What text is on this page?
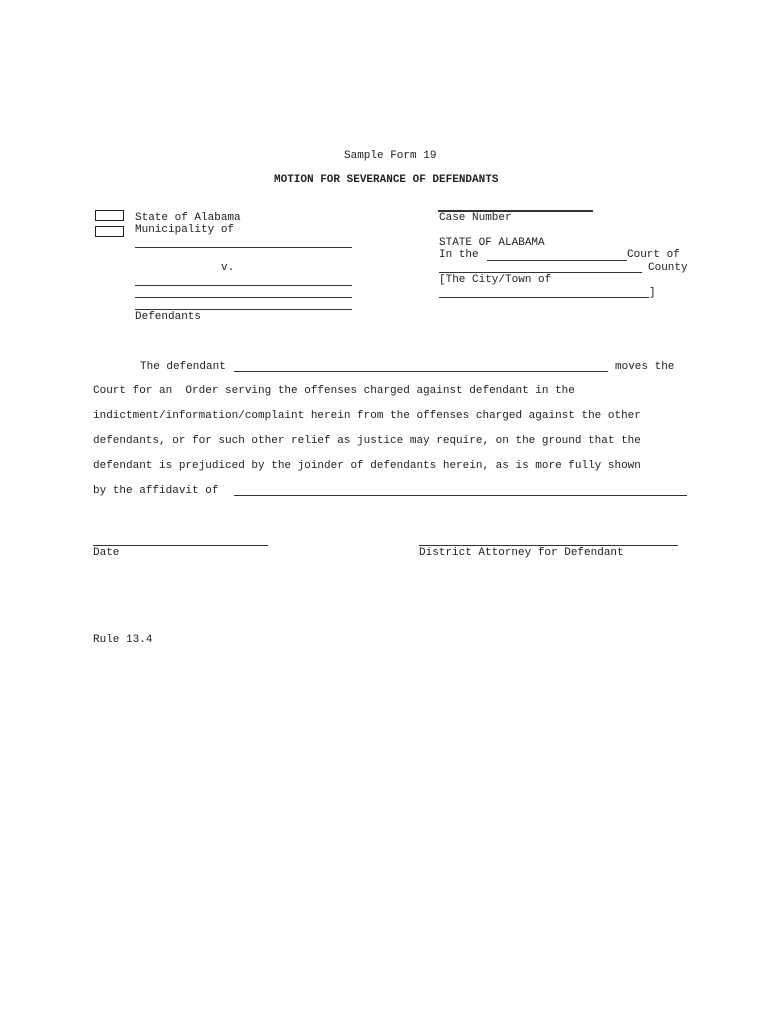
Sample Form 19
MOTION FOR SEVERANCE OF DEFENDANTS
State of Alabama
Municipality of
v.
Defendants
Case Number
STATE OF ALABAMA
In the	Court of
County
[The City/Town of
]
The defendant	moves the
Court for an  Order serving the offenses charged against defendant in the
indictment/information/complaint herein from the offenses charged against the other
defendants, or for such other relief as justice may require, on the ground that the
defendant is prejudiced by the joinder of defendants herein, as is more fully shown
by the affidavit of
Date	District Attorney for Defendant
Rule 13.4
